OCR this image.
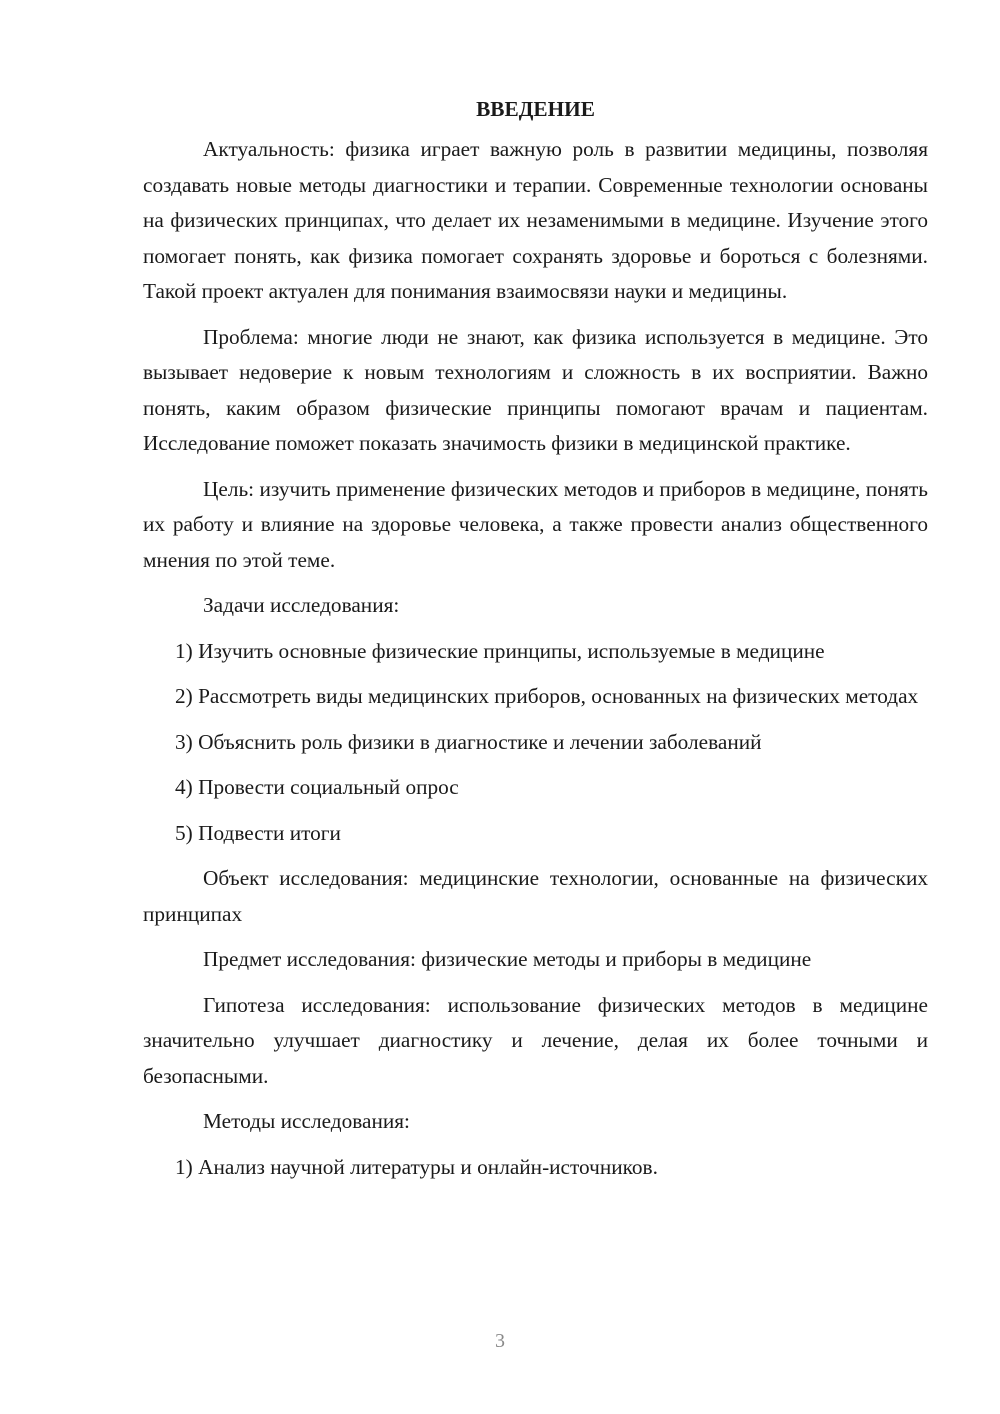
ВВЕДЕНИЕ

Актуальность: физика играет важную роль в развитии медицины, позволяя создавать новые методы диагностики и терапии. Современные технологии основаны на физических принципах, что делает их незаменимыми в медицине. Изучение этого помогает понять, как физика помогает сохранять здоровье и бороться с болезнями. Такой проект актуален для понимания взаимосвязи науки и медицины.

Проблема: многие люди не знают, как физика используется в медицине. Это вызывает недоверие к новым технологиям и сложность в их восприятии. Важно понять, каким образом физические принципы помогают врачам и пациентам. Исследование поможет показать значимость физики в медицинской практике.

Цель: изучить применение физических методов и приборов в медицине, понять их работу и влияние на здоровье человека, а также провести анализ общественного мнения по этой теме.

Задачи исследования:

1) Изучить основные физические принципы, используемые в медицине

2) Рассмотреть виды медицинских приборов, основанных на физических методах

3) Объяснить роль физики в диагностике и лечении заболеваний

4) Провести социальный опрос

5) Подвести итоги

Объект исследования: медицинские технологии, основанные на физических принципах

Предмет исследования: физические методы и приборы в медицине

Гипотеза исследования: использование физических методов в медицине значительно улучшает диагностику и лечение, делая их более точными и безопасными.

Методы исследования:

1) Анализ научной литературы и онлайн-источников.

3
